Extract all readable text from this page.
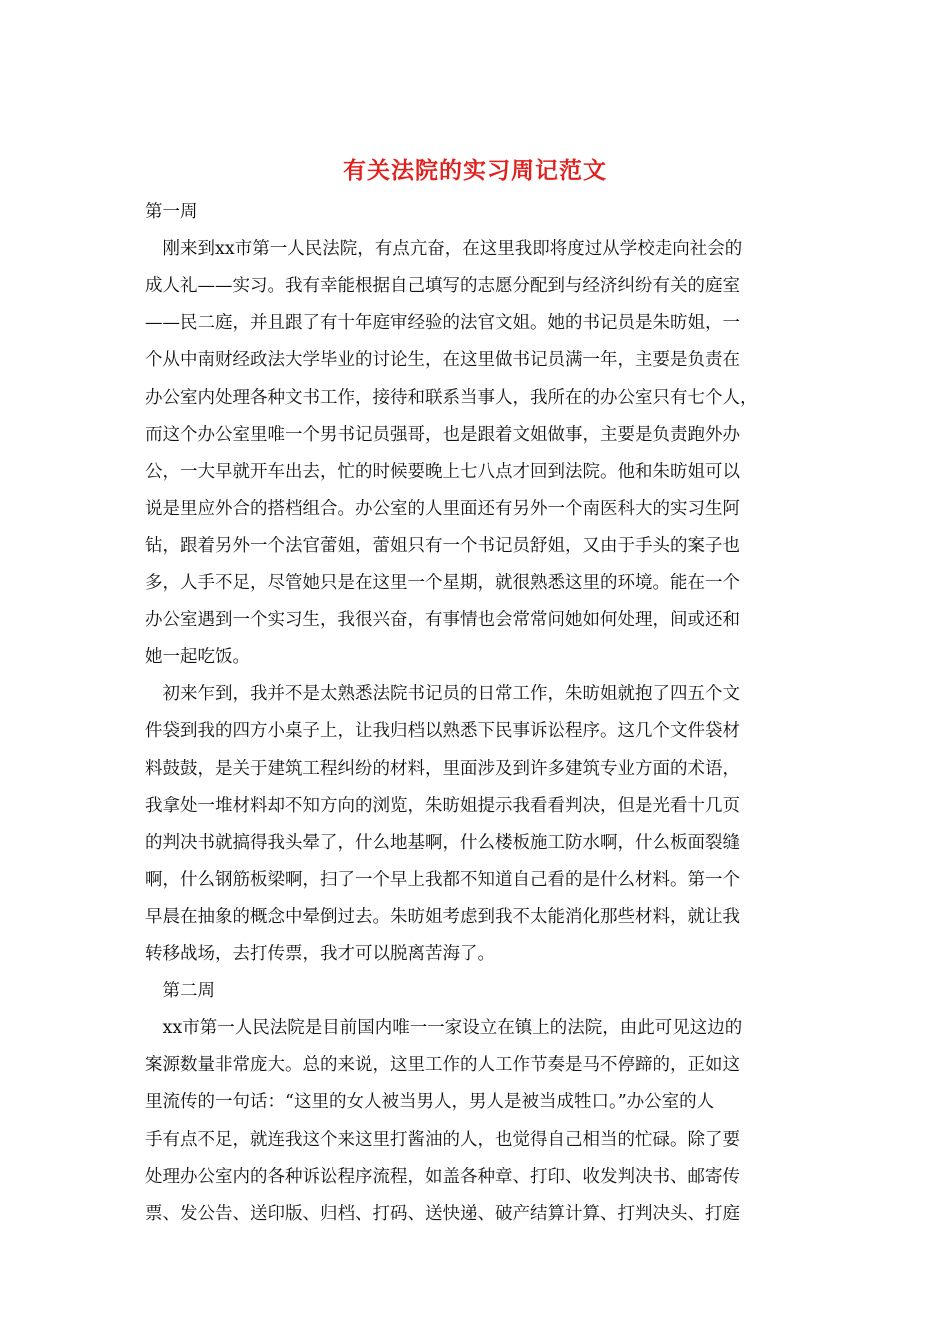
有关法院的实习周记范文

第一周

　刚来到xx市第一人民法院，有点亢奋，在这里我即将度过从学校走向社会的

成人礼——实习。我有幸能根据自己填写的志愿分配到与经济纠纷有关的庭室

——民二庭，并且跟了有十年庭审经验的法官文姐。她的书记员是朱昉姐，一

个从中南财经政法大学毕业的讨论生，在这里做书记员满一年，主要是负责在

办公室内处理各种文书工作，接待和联系当事人，我所在的办公室只有七个人，

而这个办公室里唯一个男书记员强哥，也是跟着文姐做事，主要是负责跑外办

公，一大早就开车出去，忙的时候要晚上七八点才回到法院。他和朱昉姐可以

说是里应外合的搭档组合。办公室的人里面还有另外一个南医科大的实习生阿

钻，跟着另外一个法官蕾姐，蕾姐只有一个书记员舒姐，又由于手头的案子也

多，人手不足，尽管她只是在这里一个星期，就很熟悉这里的环境。能在一个

办公室遇到一个实习生，我很兴奋，有事情也会常常问她如何处理，间或还和

她一起吃饭。

　初来乍到，我并不是太熟悉法院书记员的日常工作，朱昉姐就抱了四五个文

件袋到我的四方小桌子上，让我归档以熟悉下民事诉讼程序。这几个文件袋材

料鼓鼓，是关于建筑工程纠纷的材料，里面涉及到许多建筑专业方面的术语，

我拿处一堆材料却不知方向的浏览，朱昉姐提示我看看判决，但是光看十几页

的判决书就搞得我头晕了，什么地基啊，什么楼板施工防水啊，什么板面裂缝

啊，什么钢筋板梁啊，扫了一个早上我都不知道自己看的是什么材料。第一个

早晨在抽象的概念中晕倒过去。朱昉姐考虑到我不太能消化那些材料，就让我

转移战场，去打传票，我才可以脱离苦海了。

　第二周

　xx市第一人民法院是目前国内唯一一家设立在镇上的法院，由此可见这边的

案源数量非常庞大。总的来说，这里工作的人工作节奏是马不停蹄的，正如这

里流传的一句话：“这里的女人被当男人，男人是被当成牲口。”办公室的人

手有点不足，就连我这个来这里打酱油的人，也觉得自己相当的忙碌。除了要

处理办公室内的各种诉讼程序流程，如盖各种章、打印、收发判决书、邮寄传

票、发公告、送印版、归档、打码、送快递、破产结算计算、打判决头、打庭
